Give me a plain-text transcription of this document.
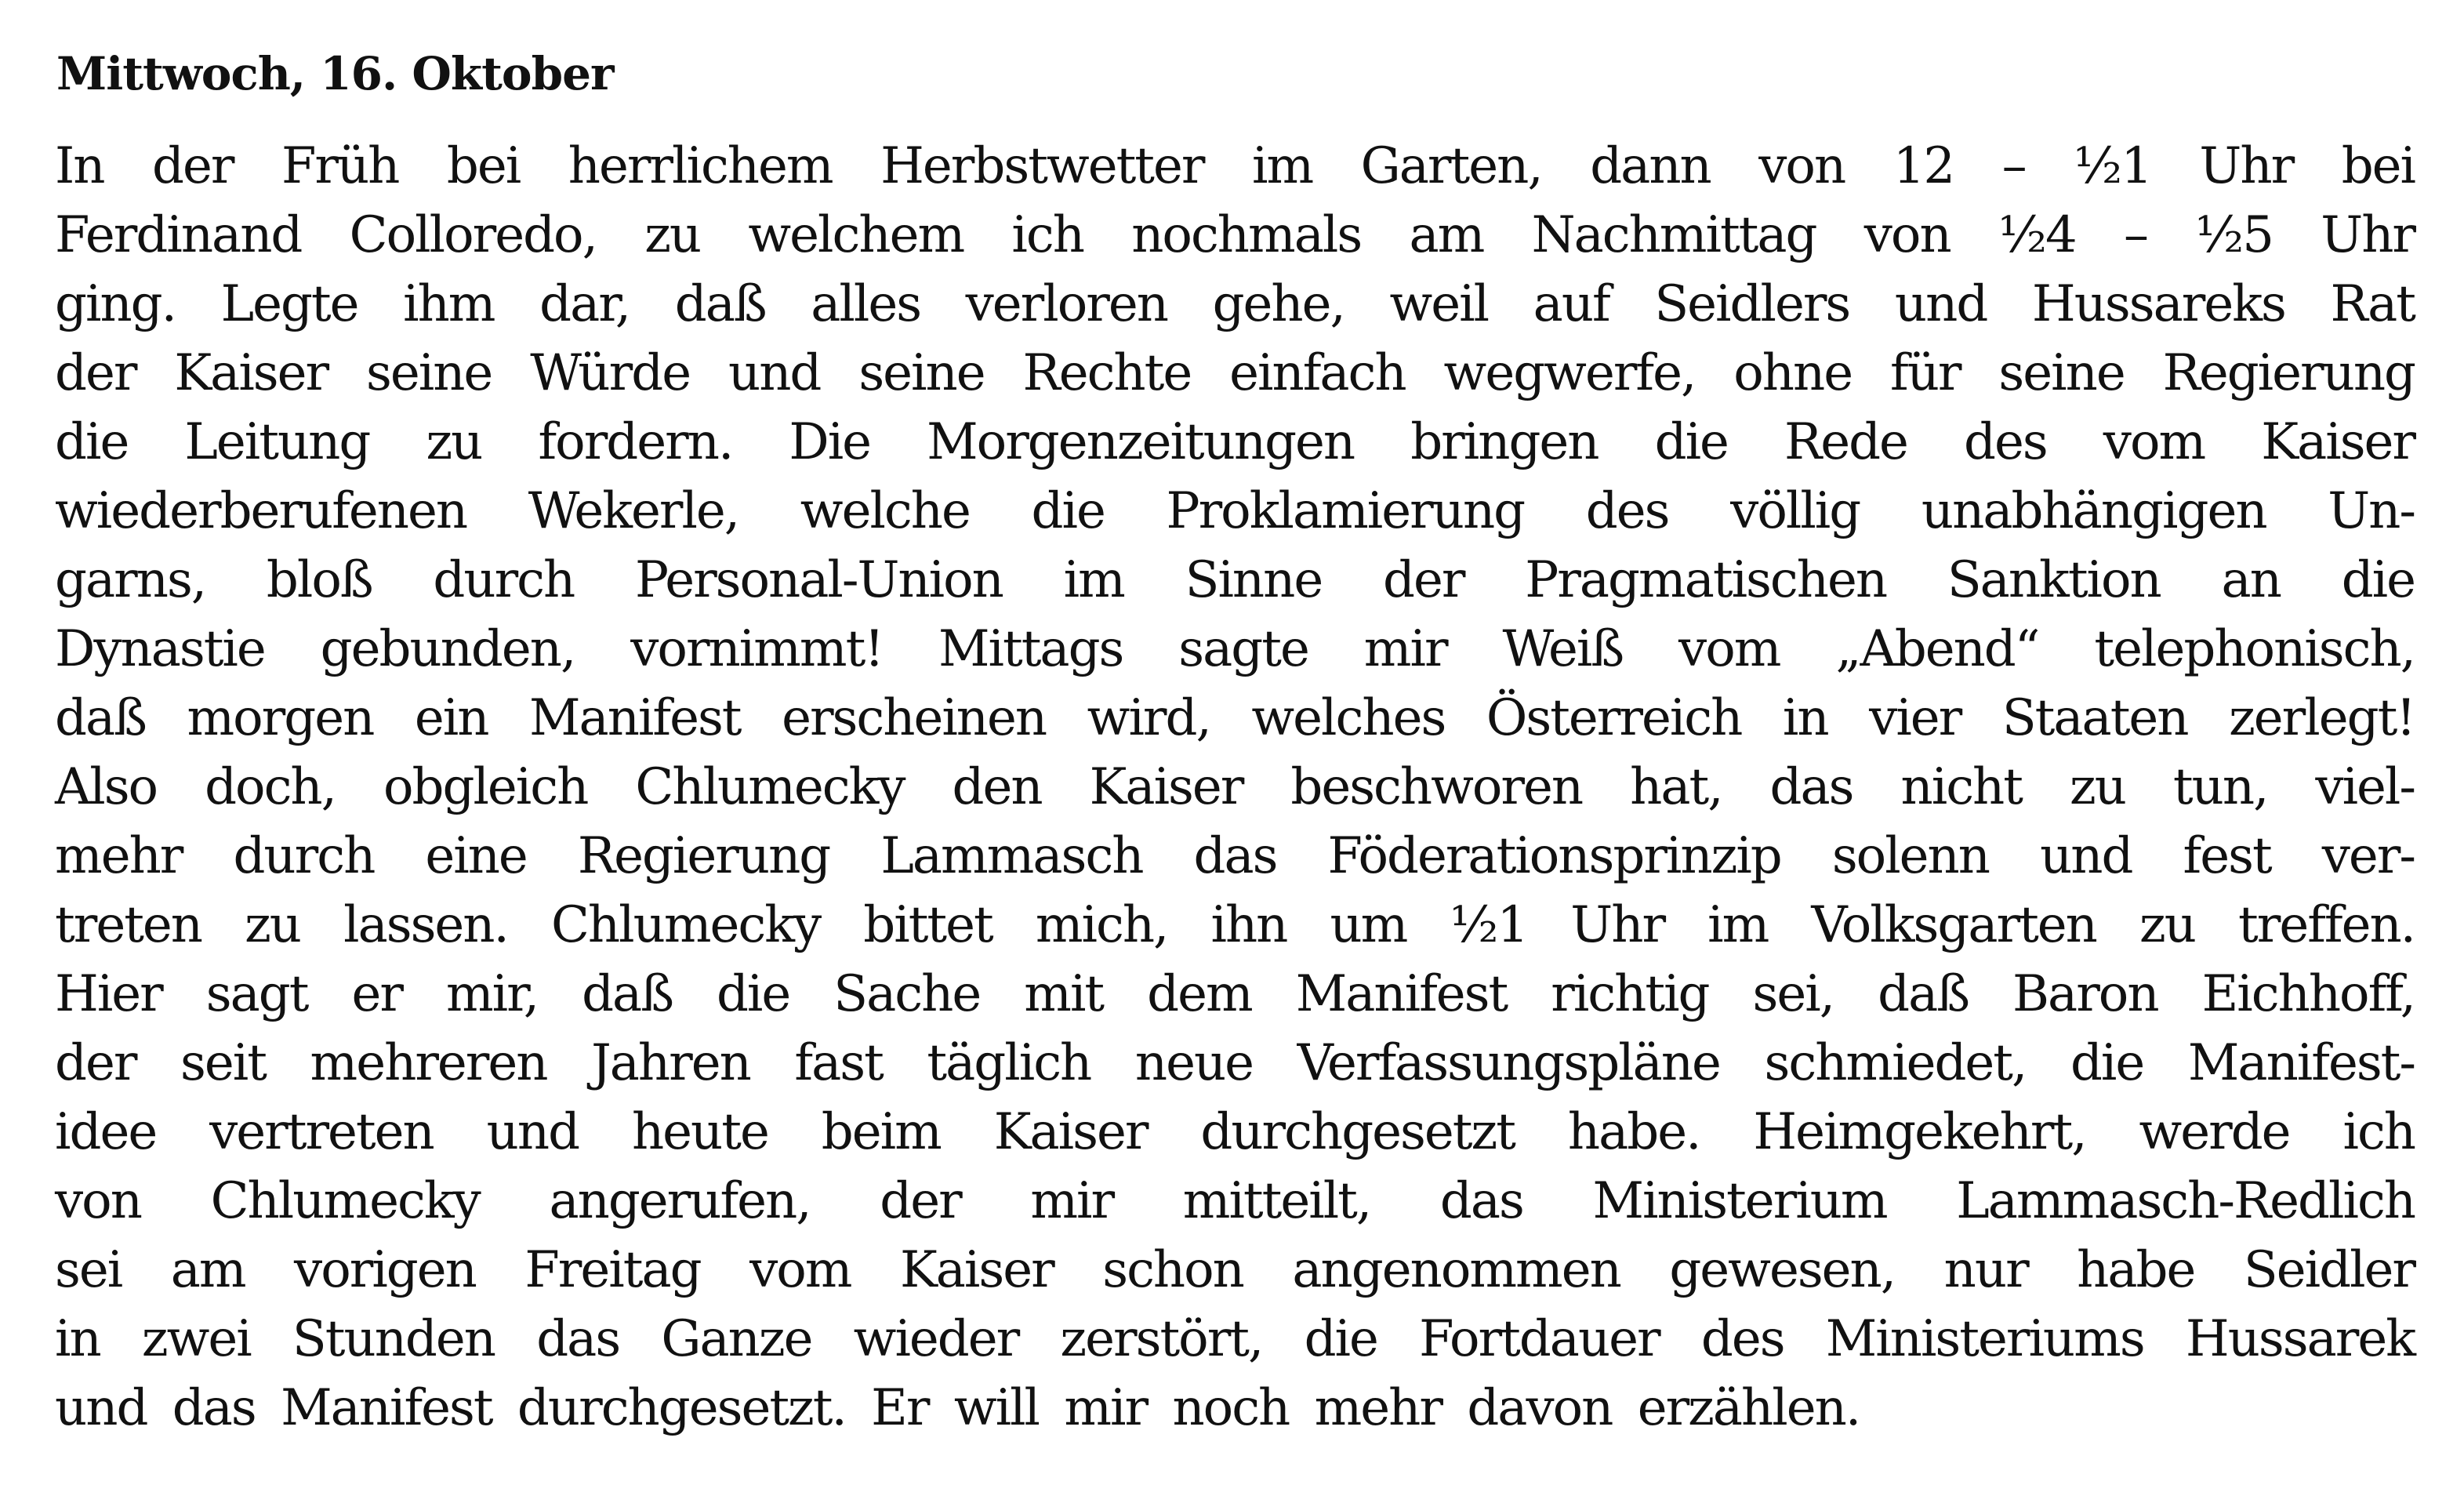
Mittwoch, 16. Oktober
In der Früh bei herrlichem Herbstwetter im Garten, dann von 12 – ½1 Uhr bei
Ferdinand Colloredo, zu welchem ich nochmals am Nachmittag von ½4 – ½5 Uhr
ging. Legte ihm dar, daß alles verloren gehe, weil auf Seidlers und Hussareks Rat
der Kaiser seine Würde und seine Rechte einfach wegwerfe, ohne für seine Regierung
die Leitung zu fordern. Die Morgenzeitungen bringen die Rede des vom Kaiser
wiederberufenen Wekerle, welche die Proklamierung des völlig unabhängigen Un-
garns, bloß durch Personal-Union im Sinne der Pragmatischen Sanktion an die
Dynastie gebunden, vornimmt! Mittags sagte mir Weiß vom „Abend“ telephonisch,
daß morgen ein Manifest erscheinen wird, welches Österreich in vier Staaten zerlegt!
Also doch, obgleich Chlumecky den Kaiser beschworen hat, das nicht zu tun, viel-
mehr durch eine Regierung Lammasch das Föderationsprinzip solenn und fest ver-
treten zu lassen. Chlumecky bittet mich, ihn um ½1 Uhr im Volksgarten zu treffen.
Hier sagt er mir, daß die Sache mit dem Manifest richtig sei, daß Baron Eichhoff,
der seit mehreren Jahren fast täglich neue Verfassungspläne schmiedet, die Manifest-
idee vertreten und heute beim Kaiser durchgesetzt habe. Heimgekehrt, werde ich
von Chlumecky angerufen, der mir mitteilt, das Ministerium Lammasch-Redlich
sei am vorigen Freitag vom Kaiser schon angenommen gewesen, nur habe Seidler
in zwei Stunden das Ganze wieder zerstört, die Fortdauer des Ministeriums Hussarek
und das Manifest durchgesetzt. Er will mir noch mehr davon erzählen.
